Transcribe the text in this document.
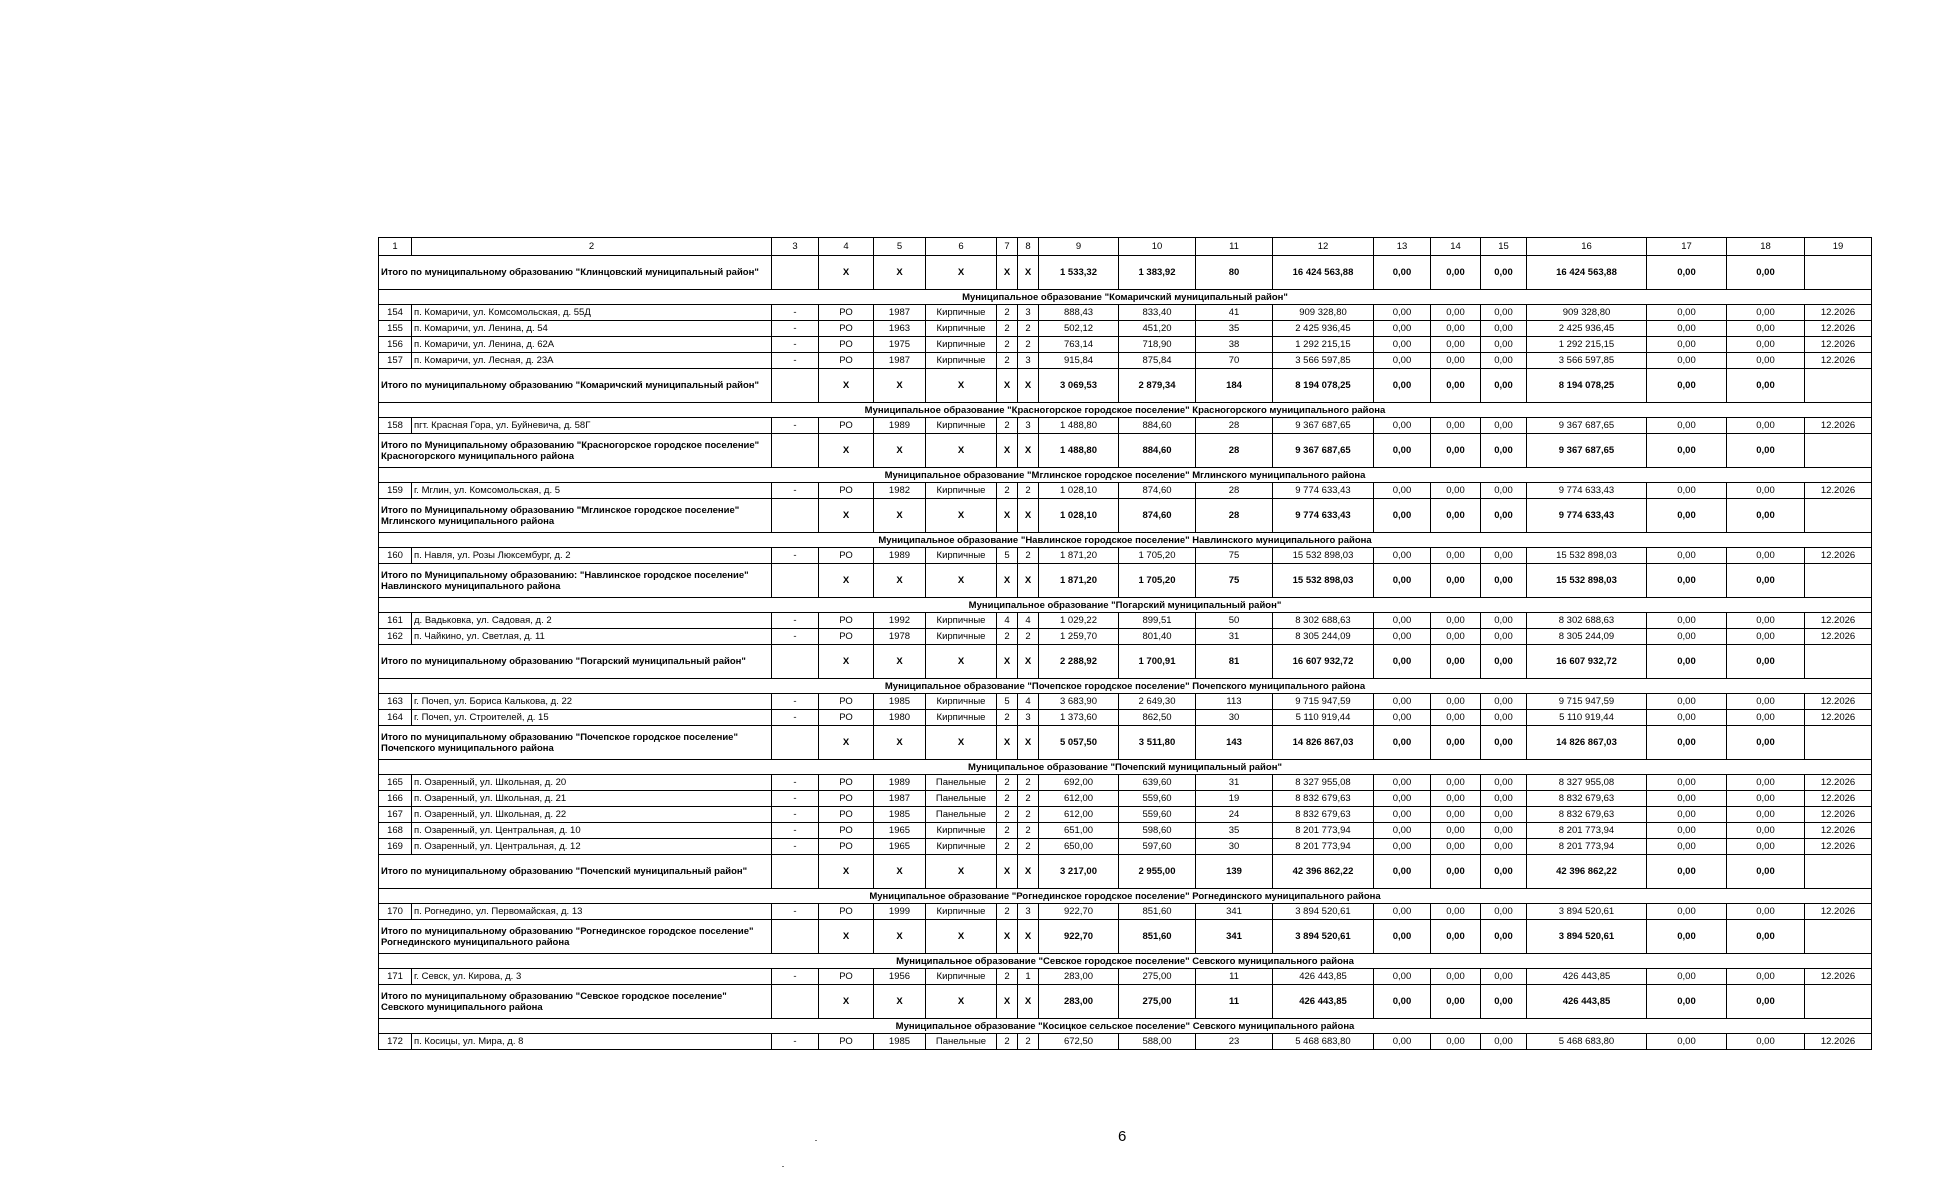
1	2	3	4	5	6	7	8	9	10	11	12	13	14	15	16	17	18	19
Итого по муниципальному образованию "Клинцовский муниципальный район"			X	X	X	X	X	1 533,32	1 383,92	80	16 424 563,88	0,00	0,00	0,00	16 424 563,88	0,00	0,00	
Муниципальное образование "Комаричский муниципальный район"																		
154	п. Комаричи, ул. Комсомольская, д. 55Д	-	РО	1987	Кирпичные	2	3	888,43	833,40	41	909 328,80	0,00	0,00	0,00	909 328,80	0,00	0,00	12.2026
155	п. Комаричи, ул. Ленина, д. 54	-	РО	1963	Кирпичные	2	2	502,12	451,20	35	2 425 936,45	0,00	0,00	0,00	2 425 936,45	0,00	0,00	12.2026
156	п. Комаричи, ул. Ленина, д. 62А	-	РО	1975	Кирпичные	2	2	763,14	718,90	38	1 292 215,15	0,00	0,00	0,00	1 292 215,15	0,00	0,00	12.2026
157	п. Комаричи, ул. Лесная, д. 23А	-	РО	1987	Кирпичные	2	3	915,84	875,84	70	3 566 597,85	0,00	0,00	0,00	3 566 597,85	0,00	0,00	12.2026
Итого по муниципальному образованию "Комаричский муниципальный район"			X	X	X	X	X	3 069,53	2 879,34	184	8 194 078,25	0,00	0,00	0,00	8 194 078,25	0,00	0,00	
Муниципальное образование "Красногорское городское поселение" Красногорского муниципального района																		
158	пгт. Красная Гора, ул. Буйневича, д. 58Г	-	РО	1989	Кирпичные	2	3	1 488,80	884,60	28	9 367 687,65	0,00	0,00	0,00	9 367 687,65	0,00	0,00	12.2026
Итого по Муниципальному образованию "Красногорское городское поселение" Красногорского муниципального района			X	X	X	X	X	1 488,80	884,60	28	9 367 687,65	0,00	0,00	0,00	9 367 687,65	0,00	0,00	
Муниципальное образование "Мглинское городское поселение" Мглинского муниципального района																		
159	г. Мглин, ул. Комсомольская, д. 5	-	РО	1982	Кирпичные	2	2	1 028,10	874,60	28	9 774 633,43	0,00	0,00	0,00	9 774 633,43	0,00	0,00	12.2026
Итого по Муниципальному образованию "Мглинское городское поселение" Мглинского муниципального района			X	X	X	X	X	1 028,10	874,60	28	9 774 633,43	0,00	0,00	0,00	9 774 633,43	0,00	0,00	
Муниципальное образование "Навлинское городское поселение" Навлинского муниципального района																		
160	п. Навля, ул. Розы Люксембург, д. 2	-	РО	1989	Кирпичные	5	2	1 871,20	1 705,20	75	15 532 898,03	0,00	0,00	0,00	15 532 898,03	0,00	0,00	12.2026
Итого по Муниципальному образованию: "Навлинское городское поселение" Навлинского муниципального района			X	X	X	X	X	1 871,20	1 705,20	75	15 532 898,03	0,00	0,00	0,00	15 532 898,03	0,00	0,00	
Муниципальное образование "Погарский муниципальный район"																		
161	д. Вадьковка, ул. Садовая, д. 2	-	РО	1992	Кирпичные	4	4	1 029,22	899,51	50	8 302 688,63	0,00	0,00	0,00	8 302 688,63	0,00	0,00	12.2026
162	п. Чайкино, ул. Светлая, д. 11	-	РО	1978	Кирпичные	2	2	1 259,70	801,40	31	8 305 244,09	0,00	0,00	0,00	8 305 244,09	0,00	0,00	12.2026
Итого по муниципальному образованию "Погарский муниципальный район"			X	X	X	X	X	2 288,92	1 700,91	81	16 607 932,72	0,00	0,00	0,00	16 607 932,72	0,00	0,00	
Муниципальное образование "Почепское городское поселение" Почепского муниципального района																		
163	г. Почеп, ул. Бориса Калькова, д. 22	-	РО	1985	Кирпичные	5	4	3 683,90	2 649,30	113	9 715 947,59	0,00	0,00	0,00	9 715 947,59	0,00	0,00	12.2026
164	г. Почеп, ул. Строителей, д. 15	-	РО	1980	Кирпичные	2	3	1 373,60	862,50	30	5 110 919,44	0,00	0,00	0,00	5 110 919,44	0,00	0,00	12.2026
Итого по муниципальному образованию "Почепское городское поселение" Почепского муниципального района			X	X	X	X	X	5 057,50	3 511,80	143	14 826 867,03	0,00	0,00	0,00	14 826 867,03	0,00	0,00	
Муниципальное образование "Почепский муниципальный район"																		
165	п. Озаренный, ул. Школьная, д. 20	-	РО	1989	Панельные	2	2	692,00	639,60	31	8 327 955,08	0,00	0,00	0,00	8 327 955,08	0,00	0,00	12.2026
166	п. Озаренный, ул. Школьная, д. 21	-	РО	1987	Панельные	2	2	612,00	559,60	19	8 832 679,63	0,00	0,00	0,00	8 832 679,63	0,00	0,00	12.2026
167	п. Озаренный, ул. Школьная, д. 22	-	РО	1985	Панельные	2	2	612,00	559,60	24	8 832 679,63	0,00	0,00	0,00	8 832 679,63	0,00	0,00	12.2026
168	п. Озаренный, ул. Центральная, д. 10	-	РО	1965	Кирпичные	2	2	651,00	598,60	35	8 201 773,94	0,00	0,00	0,00	8 201 773,94	0,00	0,00	12.2026
169	п. Озаренный, ул. Центральная, д. 12	-	РО	1965	Кирпичные	2	2	650,00	597,60	30	8 201 773,94	0,00	0,00	0,00	8 201 773,94	0,00	0,00	12.2026
Итого по муниципальному образованию "Почепский муниципальный район"			X	X	X	X	X	3 217,00	2 955,00	139	42 396 862,22	0,00	0,00	0,00	42 396 862,22	0,00	0,00	
Муниципальное образование "Рогнединское городское поселение" Рогнединского муниципального района																		
170	п. Рогнедино, ул. Первомайская, д. 13	-	РО	1999	Кирпичные	2	3	922,70	851,60	341	3 894 520,61	0,00	0,00	0,00	3 894 520,61	0,00	0,00	12.2026
Итого по муниципальному образованию "Рогнединское городское поселение" Рогнединского муниципального района			X	X	X	X	X	922,70	851,60	341	3 894 520,61	0,00	0,00	0,00	3 894 520,61	0,00	0,00	
Муниципальное образование "Севское городское поселение" Севского муниципального района																		
171	г. Севск, ул. Кирова, д. 3	-	РО	1956	Кирпичные	2	1	283,00	275,00	11	426 443,85	0,00	0,00	0,00	426 443,85	0,00	0,00	12.2026
Итого по муниципальному образованию "Севское городское поселение" Севского муниципального района			X	X	X	X	X	283,00	275,00	11	426 443,85	0,00	0,00	0,00	426 443,85	0,00	0,00	
Муниципальное образование "Косицкое сельское поселение" Севского муниципального района																		
172	п. Косицы, ул. Мира, д. 8	-	РО	1985	Панельные	2	2	672,50	588,00	23	5 468 683,80	0,00	0,00	0,00	5 468 683,80	0,00	0,00	12.2026
6
